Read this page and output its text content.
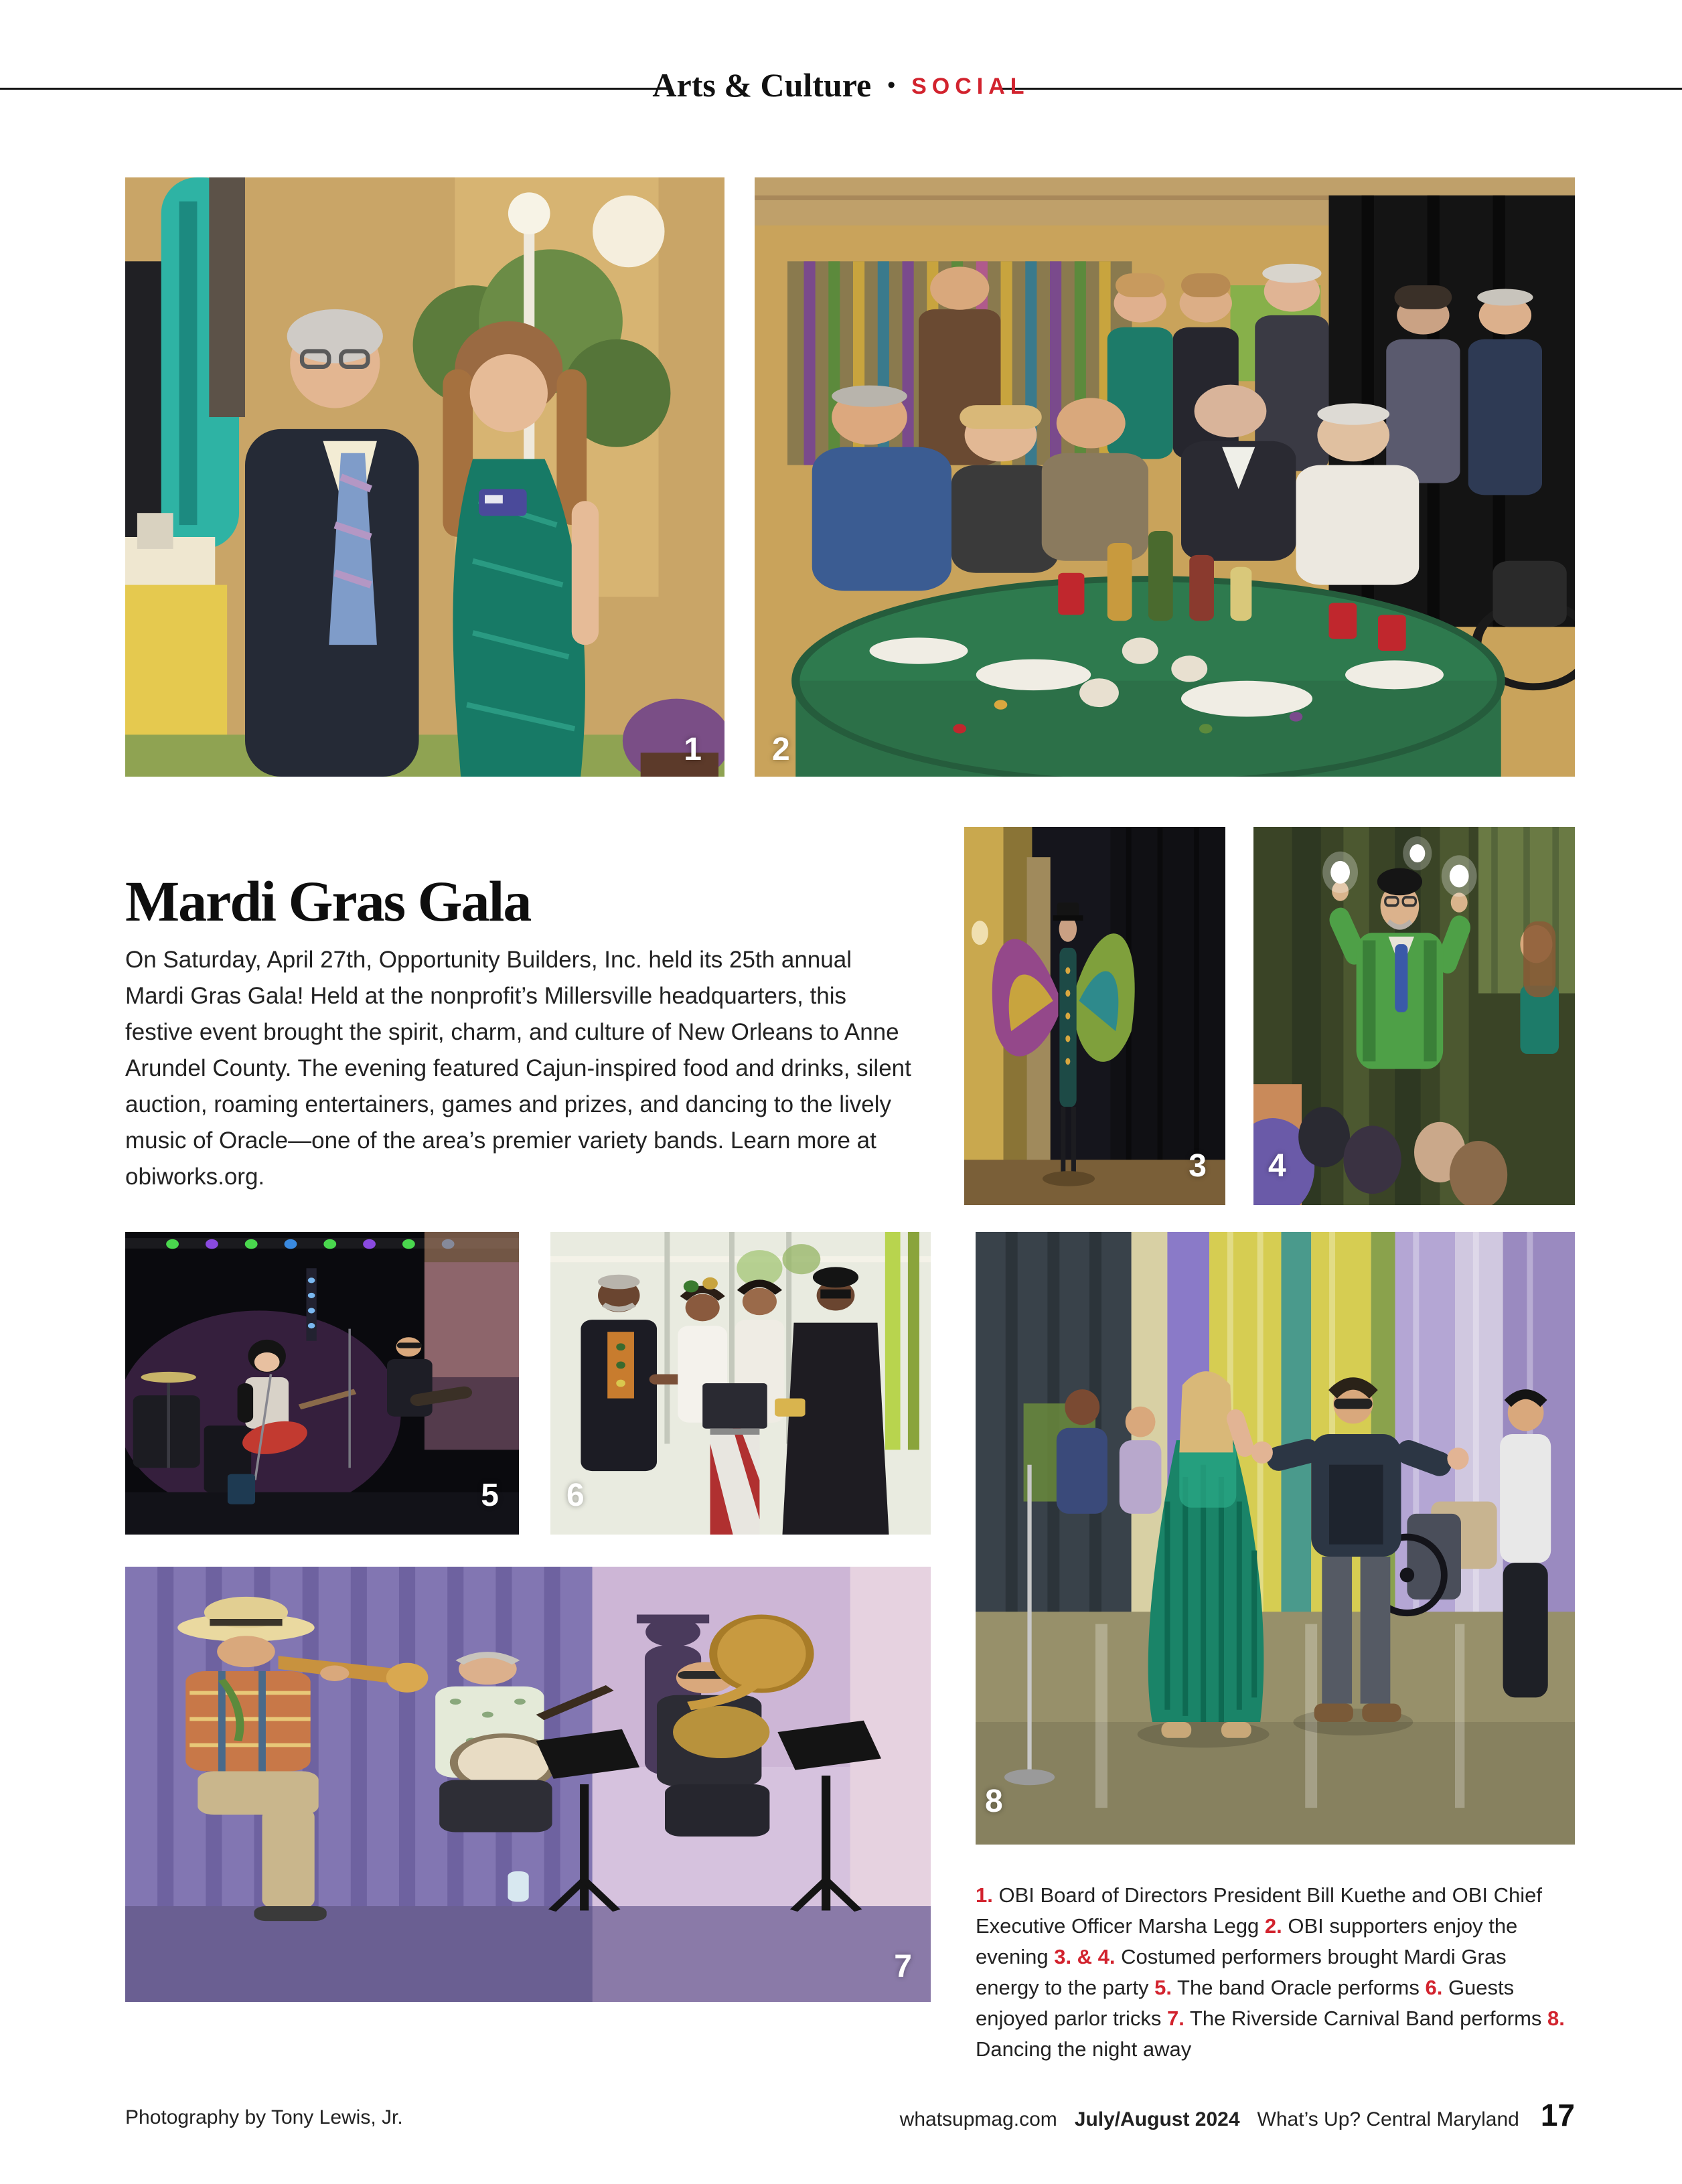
Arts & Culture • SOCIAL
1 2
3 4
Mardi Gras Gala

On Saturday, April 27th, Opportunity Builders, Inc. held its 25th annual Mardi Gras Gala! Held at the nonprofit’s Millersville headquarters, this festive event brought the spirit, charm, and culture of New Orleans to Anne Arundel County. The evening featured Cajun-inspired food and drinks, silent auction, roaming entertainers, games and prizes, and dancing to the lively music of Oracle—one of the area’s premier variety bands. Learn more at obiworks.org.

5 6
7
8

1. OBI Board of Directors President Bill Kuethe and OBI Chief Executive Officer Marsha Legg 2. OBI supporters enjoy the evening 3. & 4. Costumed performers brought Mardi Gras energy to the party 5. The band Oracle performs 6. Guests enjoyed parlor tricks 7. The Riverside Carnival Band performs 8. Dancing the night away

Photography by Tony Lewis, Jr.	whatsupmag.com July/August 2024 What’s Up? Central Maryland 17
